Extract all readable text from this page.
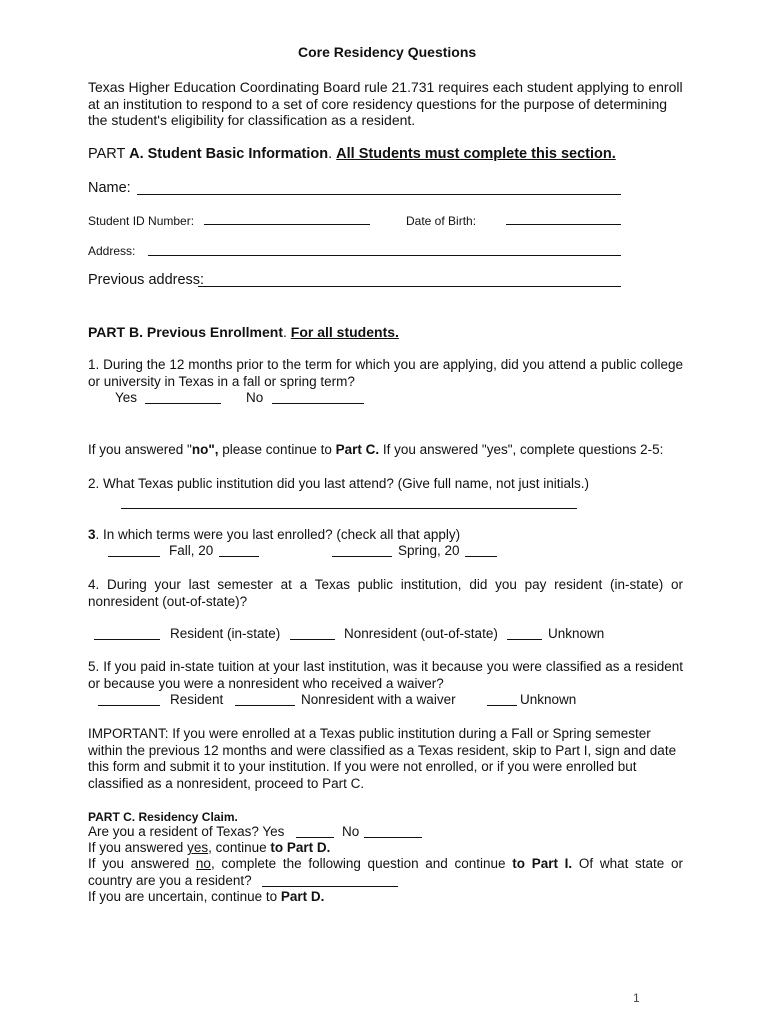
Core Residency Questions
Texas Higher Education Coordinating Board rule 21.731 requires each student applying to enroll at an institution to respond to a set of core residency questions for the purpose of determining the student's eligibility for classification as a resident.
PART A. Student Basic Information. All Students must complete this section.
Name:
Student ID Number:	Date of Birth:
Address:
Previous address:
PART B. Previous Enrollment. For all students.
1. During the 12 months prior to the term for which you are applying, did you attend a public college or university in Texas in a fall or spring term?
Yes	No
If you answered "no", please continue to Part C. If you answered "yes", complete questions 2-5:
2. What Texas public institution did you last attend? (Give full name, not just initials.)
3. In which terms were you last enrolled? (check all that apply)
Fall, 20	Spring, 20
4. During your last semester at a Texas public institution, did you pay resident (in-state) or nonresident (out-of-state)?
Resident (in-state)	Nonresident (out-of-state)	Unknown
5. If you paid in-state tuition at your last institution, was it because you were classified as a resident or because you were a nonresident who received a waiver?
Resident	Nonresident with a waiver	Unknown
IMPORTANT: If you were enrolled at a Texas public institution during a Fall or Spring semester within the previous 12 months and were classified as a Texas resident, skip to Part I, sign and date this form and submit it to your institution. If you were not enrolled, or if you were enrolled but classified as a nonresident, proceed to Part C.
PART C. Residency Claim.
Are you a resident of Texas? Yes	No
If you answered yes, continue to Part D.
If you answered no, complete the following question and continue to Part I. Of what state or country are you a resident?
If you are uncertain, continue to Part D.
1
